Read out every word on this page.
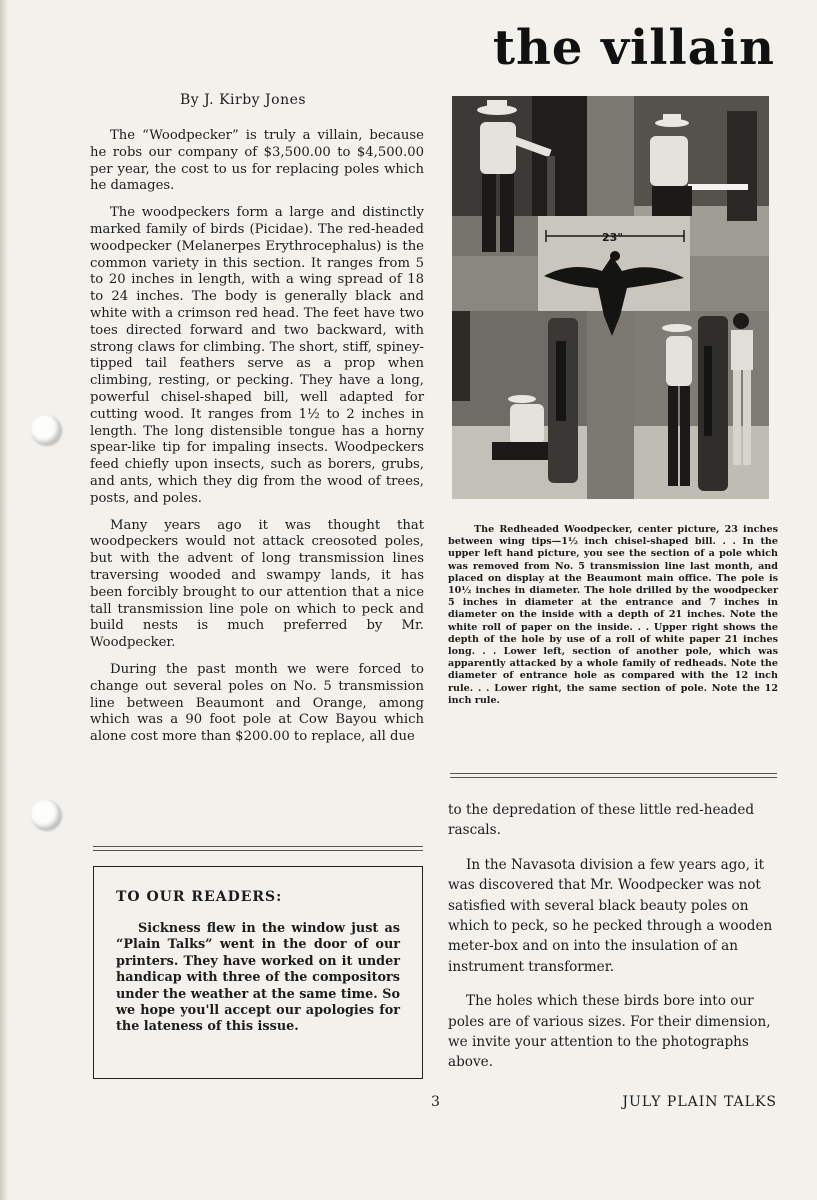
the villain
By J. Kirby Jones

The “Woodpecker” is truly a villain, because he robs our company of $3,500.00 to $4,500.00 per year, the cost to us for replacing poles which he damages.

The woodpeckers form a large and distinctly marked family of birds (Picidae). The red-headed woodpecker (Melanerpes Erythrocephalus) is the common variety in this section. It ranges from 5 to 20 inches in length, with a wing spread of 18 to 24 inches. The body is generally black and white with a crimson red head. The feet have two toes directed forward and two backward, with strong claws for climbing. The short, stiff, spiney-tipped tail feathers serve as a prop when climbing, resting, or pecking. They have a long, powerful chisel-shaped bill, well adapted for cutting wood. It ranges from 1½ to 2 inches in length. The long distensible tongue has a horny spear-like tip for impaling insects. Woodpeckers feed chiefly upon insects, such as borers, grubs, and ants, which they dig from the wood of trees, posts, and poles.

Many years ago it was thought that woodpeckers would not attack creosoted poles, but with the advent of long transmission lines traversing wooded and swampy lands, it has been forcibly brought to our attention that a nice tall transmission line pole on which to peck and build nests is much preferred by Mr. Woodpecker.

During the past month we were forced to change out several poles on No. 5 transmission line between Beaumont and Orange, among which was a 90 foot pole at Cow Bayou which alone cost more than $200.00 to replace, all due

TO OUR READERS:

Sickness flew in the window just as “Plain Talks” went in the door of our printers. They have worked on it under handicap with three of the compositors under the weather at the same time. So we hope you'll accept our apologies for the lateness of this issue.

23"

The Redheaded Woodpecker, center picture, 23 inches between wing tips—1½ inch chisel-shaped bill. . . In the upper left hand picture, you see the section of a pole which was removed from No. 5 transmission line last month, and placed on display at the Beaumont main office. The pole is 10½ inches in diameter. The hole drilled by the woodpecker 5 inches in diameter at the entrance and 7 inches in diameter on the inside with a depth of 21 inches. Note the white roll of paper on the inside. . . Upper right shows the depth of the hole by use of a roll of white paper 21 inches long. . . Lower left, section of another pole, which was apparently attacked by a whole family of redheads. Note the diameter of entrance hole as compared with the 12 inch rule. . . Lower right, the same section of pole. Note the 12 inch rule.

to the depredation of these little red-headed rascals.

In the Navasota division a few years ago, it was discovered that Mr. Woodpecker was not satisfied with several black beauty poles on which to peck, so he pecked through a wooden meter-box and on into the insulation of an instrument transformer.

The holes which these birds bore into our poles are of various sizes. For their dimension, we invite your attention to the photographs above.

3	JULY PLAIN TALKS
